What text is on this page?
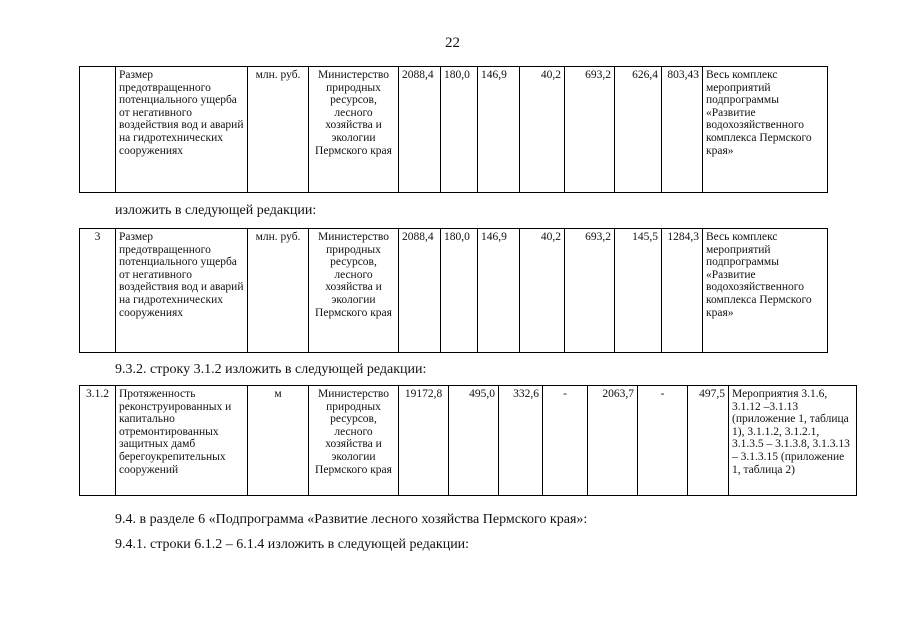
22
	Размер предотвращенного потенциального ущерба от негативного воздействия вод и аварий на гидротехнических сооружениях	млн. руб.	Министерство природных ресурсов, лесного хозяйства и экологии Пермского края	2088,4	180,0	146,9	40,2	693,2	626,4	803,43	Весь комплекс мероприятий подпрограммы «Развитие водохозяйственного комплекса Пермского края»
изложить в следующей редакции:
3	Размер предотвращенного потенциального ущерба от негативного воздействия вод и аварий на гидротехнических сооружениях	млн. руб.	Министерство природных ресурсов, лесного хозяйства и экологии Пермского края	2088,4	180,0	146,9	40,2	693,2	145,5	1284,3	Весь комплекс мероприятий подпрограммы «Развитие водохозяйственного комплекса Пермского края»
9.3.2. строку 3.1.2 изложить в следующей редакции:
3.1.2	Протяженность реконструированных и капитально отремонтированных защитных дамб берегоукрепительных сооружений	м	Министерство природных ресурсов, лесного хозяйства и экологии Пермского края	19172,8	495,0	332,6	-	2063,7	-	497,5	Мероприятия 3.1.6, 3.1.12 –3.1.13 (приложение 1, таблица 1), 3.1.1.2, 3.1.2.1, 3.1.3.5 – 3.1.3.8, 3.1.3.13 – 3.1.3.15 (приложение 1, таблица 2)
9.4. в разделе 6 «Подпрограмма «Развитие лесного хозяйства Пермского края»:
9.4.1. строки 6.1.2 – 6.1.4 изложить в следующей редакции:
